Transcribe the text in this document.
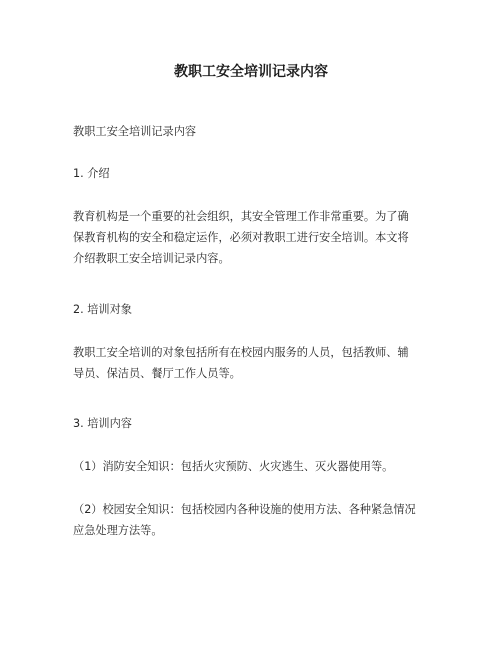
教职工安全培训记录内容
教职工安全培训记录内容
1. 介绍
教育机构是一个重要的社会组织，其安全管理工作非常重要。为了确
保教育机构的安全和稳定运作，必须对教职工进行安全培训。本文将
介绍教职工安全培训记录内容。
2. 培训对象
教职工安全培训的对象包括所有在校园内服务的人员，包括教师、辅
导员、保洁员、餐厅工作人员等。
3. 培训内容
（1）消防安全知识：包括火灾预防、火灾逃生、灭火器使用等。
（2）校园安全知识：包括校园内各种设施的使用方法、各种紧急情况
应急处理方法等。
